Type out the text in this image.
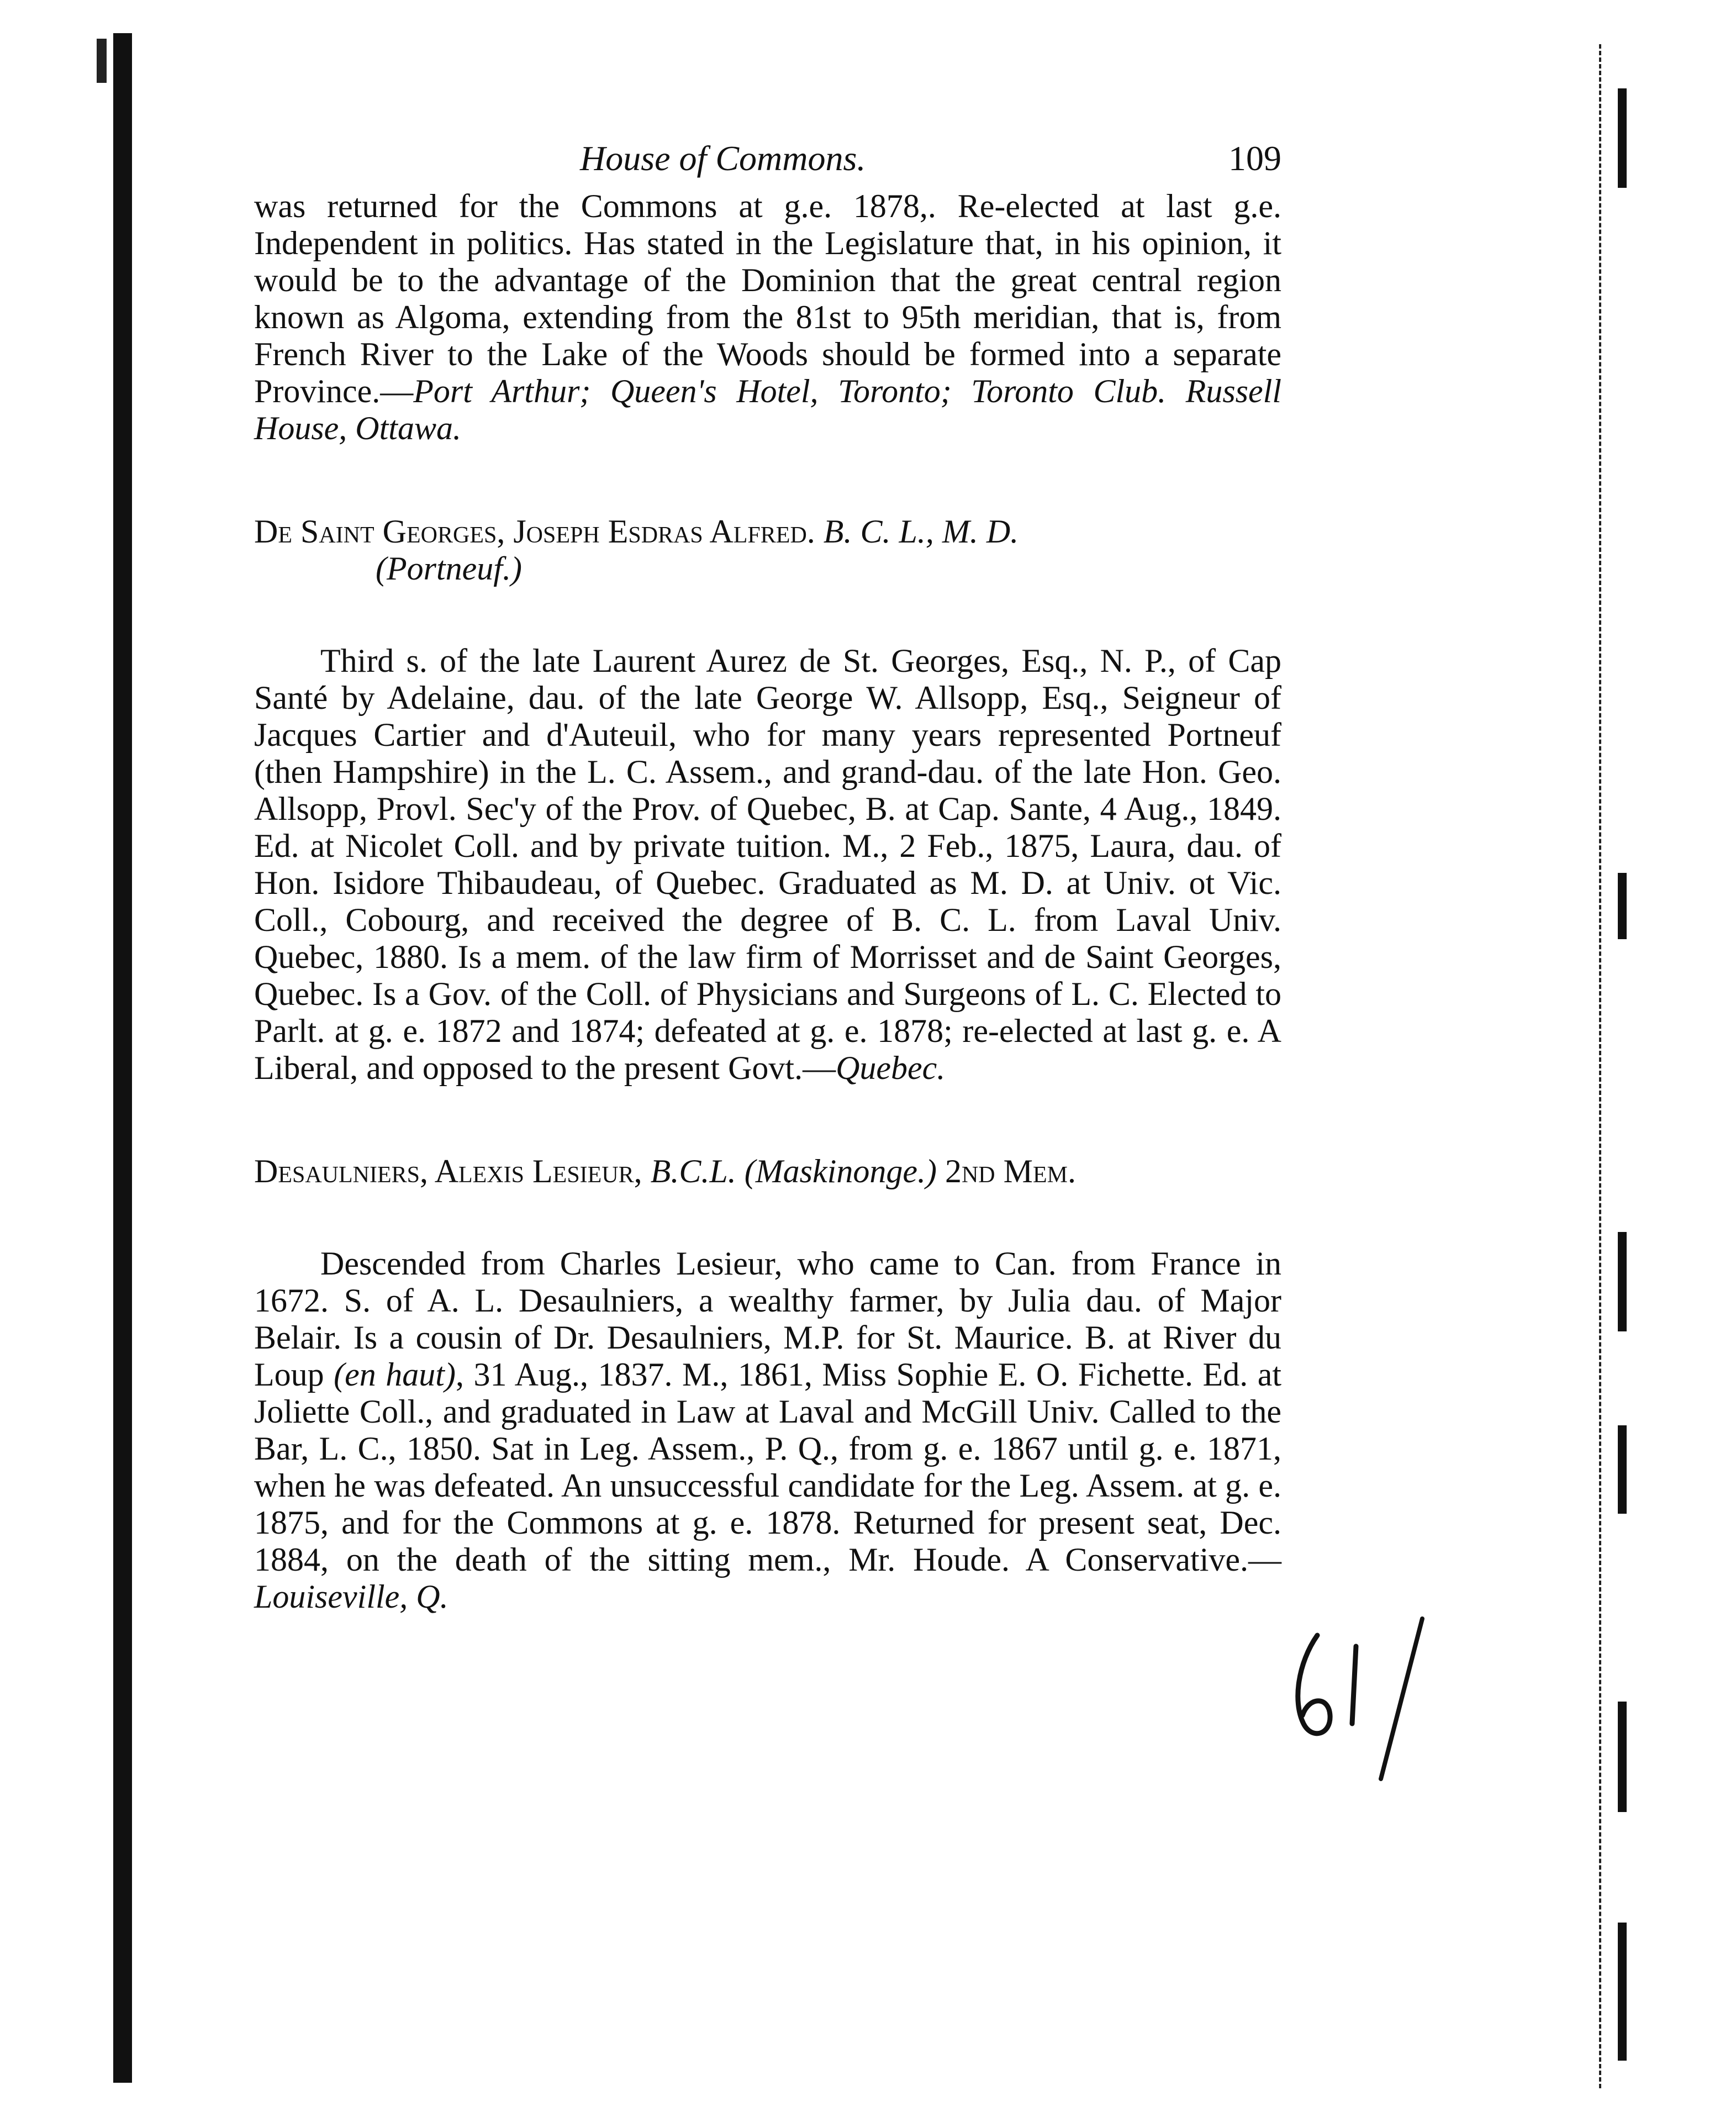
House of Commons.	109

was returned for the Commons at g.e. 1878,. Re-elected at last g.e. Independent in politics. Has stated in the Legislature that, in his opinion, it would be to the advantage of the Dominion that the great central region known as Algoma, extending from the 81st to 95th meridian, that is, from French River to the Lake of the Woods should be formed into a separate Province.—Port Arthur; Queen's Hotel, Toronto; Toronto Club. Russell House, Ottawa.

De Saint Georges, Joseph Esdras Alfred. B. C. L., M. D.
(Portneuf.)

Third s. of the late Laurent Aurez de St. Georges, Esq., N. P., of Cap Santé by Adelaine, dau. of the late George W. Allsopp, Esq., Seigneur of Jacques Cartier and d'Auteuil, who for many years represented Portneuf (then Hampshire) in the L. C. Assem., and grand-dau. of the late Hon. Geo. Allsopp, Provl. Sec'y of the Prov. of Quebec, B. at Cap. Sante, 4 Aug., 1849. Ed. at Nicolet Coll. and by private tuition. M., 2 Feb., 1875, Laura, dau. of Hon. Isidore Thibaudeau, of Quebec. Graduated as M. D. at Univ. ot Vic. Coll., Cobourg, and received the degree of B. C. L. from Laval Univ. Quebec, 1880. Is a mem. of the law firm of Morrisset and de Saint Georges, Quebec. Is a Gov. of the Coll. of Physicians and Surgeons of L. C. Elected to Parlt. at g. e. 1872 and 1874; defeated at g. e. 1878; re-elected at last g. e. A Liberal, and opposed to the present Govt.—Quebec.

Desaulniers, Alexis Lesieur, B.C.L. (Maskinonge.) 2nd Mem.

Descended from Charles Lesieur, who came to Can. from France in 1672. S. of A. L. Desaulniers, a wealthy farmer, by Julia dau. of Major Belair. Is a cousin of Dr. Desaulniers, M.P. for St. Maurice. B. at River du Loup (en haut), 31 Aug., 1837. M., 1861, Miss Sophie E. O. Fichette. Ed. at Joliette Coll., and graduated in Law at Laval and McGill Univ. Called to the Bar, L. C., 1850. Sat in Leg. Assem., P. Q., from g. e. 1867 until g. e. 1871, when he was defeated. An unsuccessful candidate for the Leg. Assem. at g. e. 1875, and for the Commons at g. e. 1878. Returned for present seat, Dec. 1884, on the death of the sitting mem., Mr. Houde. A Conservative.—Louiseville, Q.
